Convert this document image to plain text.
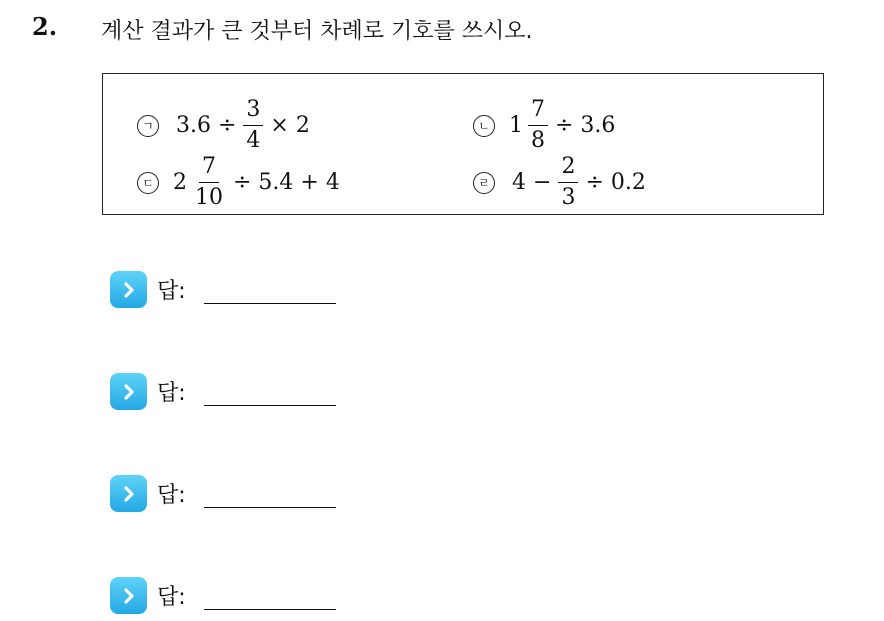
2. 계산 결과가 큰 것부터 차례로 기호를 쓰시오.
ㄱ $3.6 \div \frac{3}{4} \times 2$	ㄴ $1 \frac{7}{8} \div 3.6$
ㄷ $2 \frac{7}{10} \div 5.4 + 4$	ㄹ $4 - \frac{2}{3} \div 0.2$
답:
답:
답:
답:
